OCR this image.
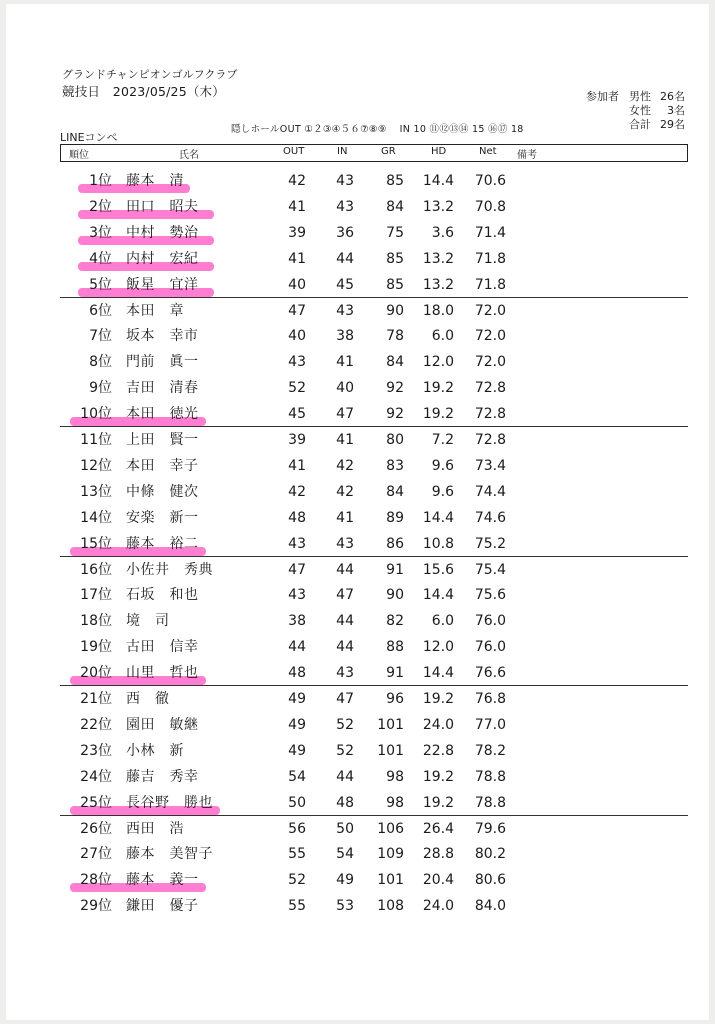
グランドチャンピオンゴルフクラブ
競技日　2023/05/25（木）	参加者 男性 26名
女性	3名
合計 29名
隠しホールOUT ①２③④５６⑦⑧⑨　 IN 10 ⑪⑫⑬⑭ 15 ⑯⑰ 18
LINEコンペ
順位	氏名	OUT	IN	GR	HD	Net 備考
1位 藤本　清	42	43	85	14.4	70.6
2位 田口　昭夫	41	43	84	13.2	70.8
3位 中村　勢治	39	36	75	3.6	71.4
4位 内村　宏紀	41	44	85	13.2	71.8
5位 飯星　宜洋	40	45	85	13.2	71.8
6位 本田　章	47	43	90	18.0	72.0
7位 坂本　幸市	40	38	78	6.0	72.0
8位 門前　眞一	43	41	84	12.0	72.0
9位 吉田　清春	52	40	92	19.2	72.8
10位 本田　徳光	45	47	92	19.2	72.8
11位 上田　賢一	39	41	80	7.2	72.8
12位 本田　幸子	41	42	83	9.6	73.4
13位 中條　健次	42	42	84	9.6	74.4
14位 安楽　新一	48	41	89	14.4	74.6
15位 藤本　裕二	43	43	86	10.8	75.2
16位 小佐井　秀典	47	44	91	15.6	75.4
17位 石坂　和也	43	47	90	14.4	75.6
18位 境　司	38	44	82	6.0	76.0
19位 古田　信幸	44	44	88	12.0	76.0
20位 山里　哲也	48	43	91	14.4	76.6
21位 西　徹	49	47	96	19.2	76.8
22位 園田　敏継	49	52 101	24.0	77.0
23位 小林　新	49	52 101	22.8	78.2
24位 藤吉　秀幸	54	44	98	19.2	78.8
25位 長谷野　勝也	50	48	98	19.2	78.8
26位 西田　浩	56	50 106	26.4	79.6
27位 藤本　美智子	55	54 109	28.8	80.2
28位 藤本　義一	52	49 101	20.4	80.6
29位 鎌田　優子	55	53 108	24.0	84.0
